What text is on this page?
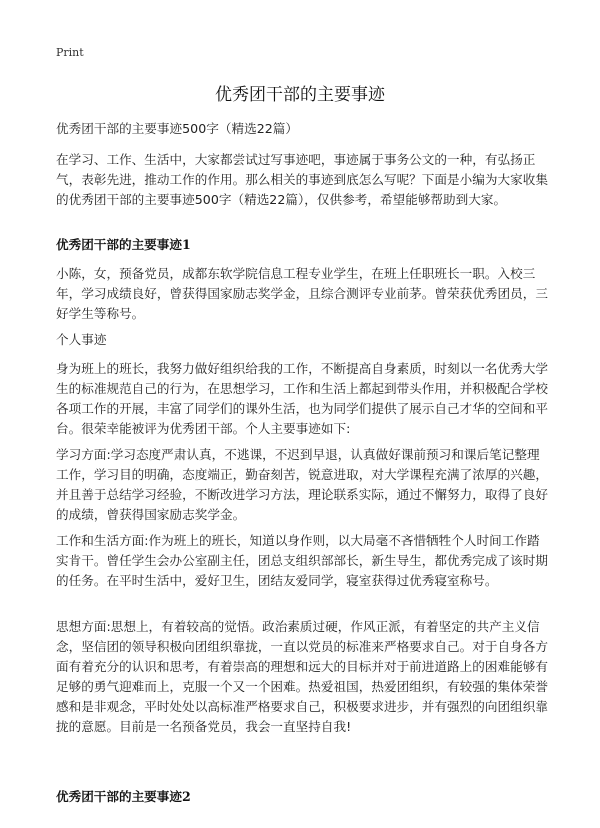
Print
优秀团干部的主要事迹

优秀团干部的主要事迹500字（精选22篇）

在学习、工作、生活中，大家都尝试过写事迹吧，事迹属于事务公文的一种，有弘扬正气，表彰先进，推动工作的作用。那么相关的事迹到底怎么写呢？下面是小编为大家收集的优秀团干部的主要事迹500字（精选22篇），仅供参考，希望能够帮助到大家。

优秀团干部的主要事迹1

小陈，女，预备党员，成都东软学院信息工程专业学生，在班上任职班长一职。入校三年，学习成绩良好，曾获得国家励志奖学金，且综合测评专业前茅。曾荣获优秀团员，三好学生等称号。

个人事迹

身为班上的班长，我努力做好组织给我的工作，不断提高自身素质，时刻以一名优秀大学生的标准规范自己的行为，在思想学习，工作和生活上都起到带头作用，并积极配合学校各项工作的开展，丰富了同学们的课外生活，也为同学们提供了展示自己才华的空间和平台。很荣幸能被评为优秀团干部。个人主要事迹如下:

学习方面:学习态度严肃认真，不逃课，不迟到早退，认真做好课前预习和课后笔记整理工作，学习目的明确，态度端正，勤奋刻苦，锐意进取，对大学课程充满了浓厚的兴趣，并且善于总结学习经验，不断改进学习方法，理论联系实际，通过不懈努力，取得了良好的成绩，曾获得国家励志奖学金。

工作和生活方面:作为班上的班长，知道以身作则，以大局毫不吝惜牺牲个人时间工作踏实肯干。曾任学生会办公室副主任，团总支组织部部长，新生导生，都优秀完成了该时期的任务。在平时生活中，爱好卫生，团结友爱同学，寝室获得过优秀寝室称号。

思想方面:思想上，有着较高的觉悟。政治素质过硬，作风正派，有着坚定的共产主义信念，坚信团的领导积极向团组织靠拢，一直以党员的标准来严格要求自己。对于自身各方面有着充分的认识和思考，有着崇高的理想和远大的目标并对于前进道路上的困难能够有足够的勇气迎难而上，克服一个又一个困难。热爱祖国，热爱团组织，有较强的集体荣誉感和是非观念，平时处处以高标准严格要求自己，积极要求进步，并有强烈的向团组织靠拢的意愿。目前是一名预备党员，我会一直坚持自我!

优秀团干部的主要事迹2
